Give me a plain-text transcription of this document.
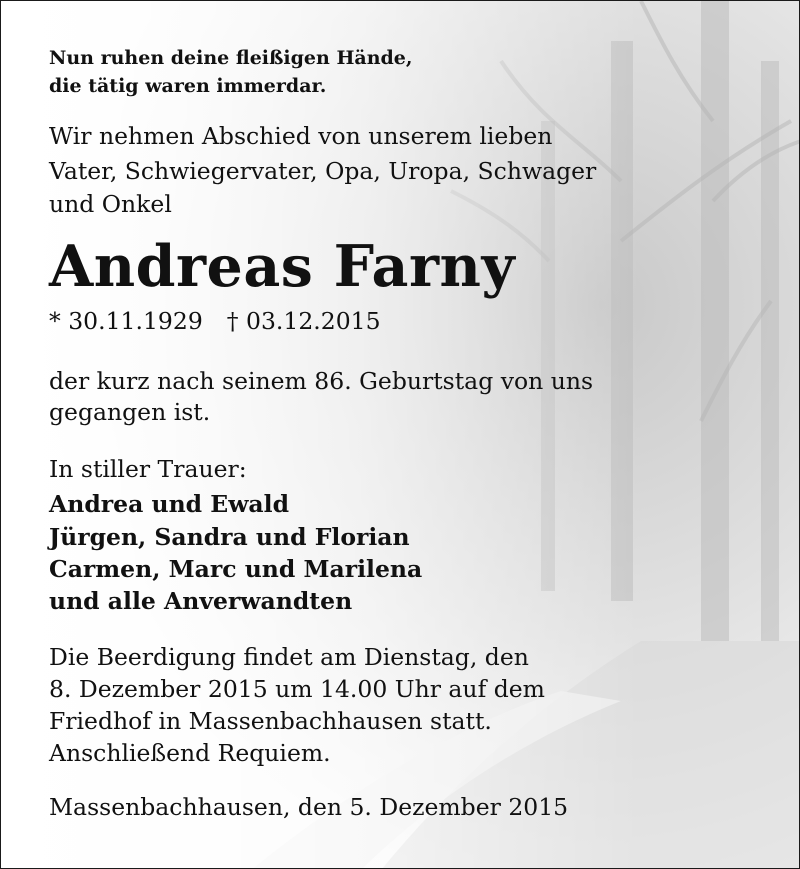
Nun ruhen deine fleißigen Hände,
die tätig waren immerdar.
Wir nehmen Abschied von unserem lieben
Vater, Schwiegervater, Opa, Uropa, Schwager
und Onkel
Andreas Farny
* 30.11.1929 † 03.12.2015
der kurz nach seinem 86. Geburtstag von uns
gegangen ist.
In stiller Trauer:
Andrea und Ewald
Jürgen, Sandra und Florian
Carmen, Marc und Marilena
und alle Anverwandten
Die Beerdigung findet am Dienstag, den
8. Dezember 2015 um 14.00 Uhr auf dem
Friedhof in Massenbachhausen statt.
Anschließend Requiem.
Massenbachhausen, den 5. Dezember 2015
